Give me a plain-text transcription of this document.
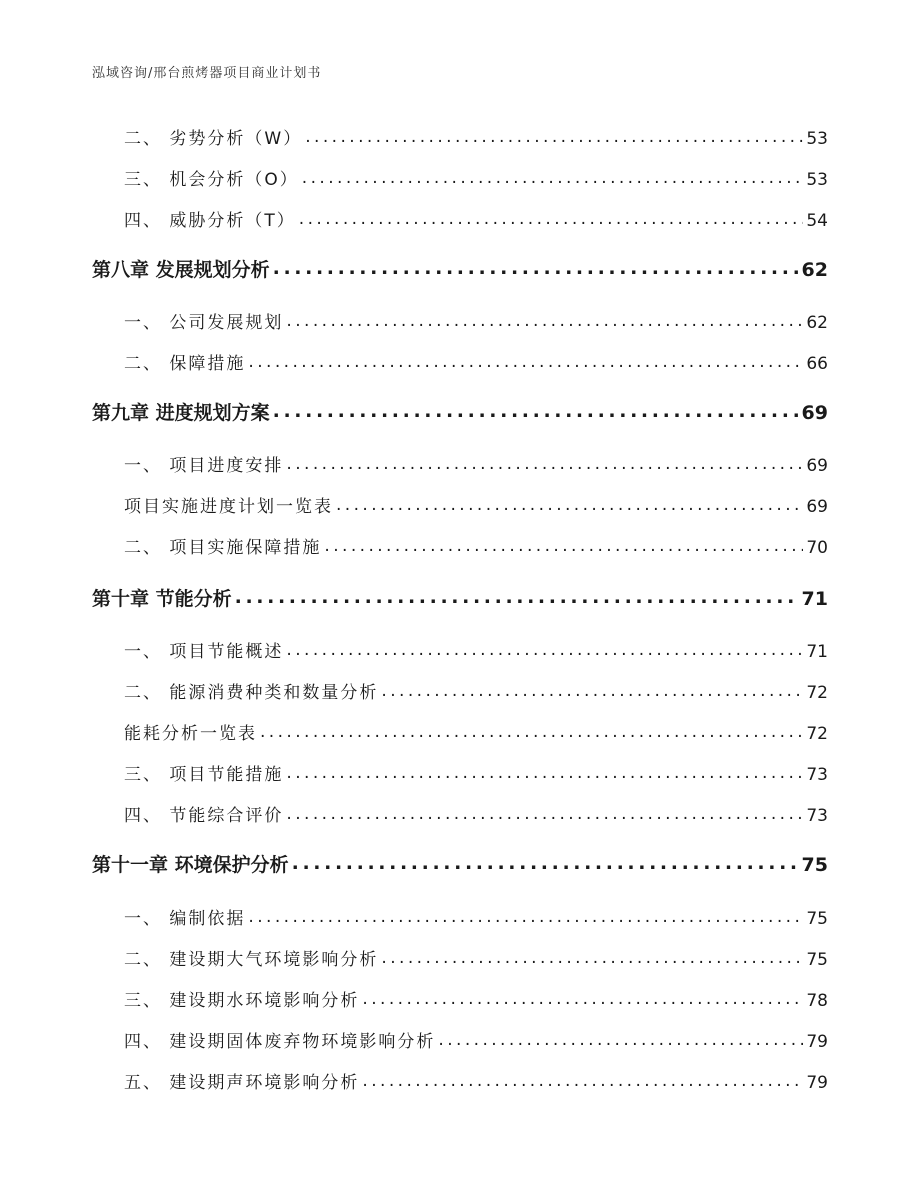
泓域咨询/邢台煎烤器项目商业计划书
二、 劣势分析（W） . . .	53
三、 机会分析（O） . . .	53
四、 威胁分析（T） . . .	54
第八章 发展规划分析 . . .	62
一、 公司发展规划 . . .	62
二、 保障措施 . . .	66
第九章 进度规划方案 . . .	69
一、 项目进度安排 . . .	69
项目实施进度计划一览表 . . .	69
二、 项目实施保障措施 . . .	70
第十章 节能分析 . . .	71
一、 项目节能概述 . . .	71
二、 能源消费种类和数量分析 . . .	72
能耗分析一览表 . . .	72
三、 项目节能措施 . . .	73
四、 节能综合评价 . . .	73
第十一章 环境保护分析 . . .	75
一、 编制依据 . . .	75
二、 建设期大气环境影响分析 . . .	75
三、 建设期水环境影响分析 . . .	78
四、 建设期固体废弃物环境影响分析 . . .	79
五、 建设期声环境影响分析 . . .	79
